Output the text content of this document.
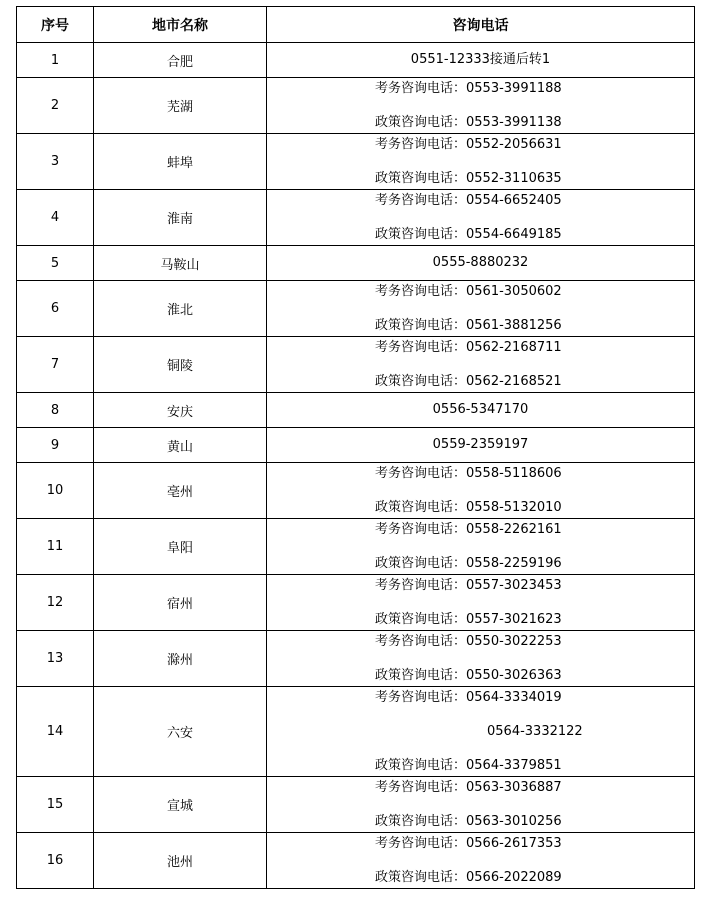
序号	地市名称	咨询电话
1	合肥	0551-12333接通后转1

2	芜湖	考务咨询电话：0553-3991188
政策咨询电话：0553-3991138

3	蚌埠	考务咨询电话：0552-2056631
政策咨询电话：0552-3110635

4	淮南	考务咨询电话：0554-6652405
政策咨询电话：0554-6649185

5	马鞍山	0555-8880232

6	淮北	考务咨询电话：0561-3050602
政策咨询电话：0561-3881256

7	铜陵	考务咨询电话：0562-2168711
政策咨询电话：0562-2168521

8	安庆	0556-5347170

9	黄山	0559-2359197

10	亳州	考务咨询电话：0558-5118606
政策咨询电话：0558-5132010

11	阜阳	考务咨询电话：0558-2262161
政策咨询电话：0558-2259196

12	宿州	考务咨询电话：0557-3023453
政策咨询电话：0557-3021623

13	滁州	考务咨询电话：0550-3022253
政策咨询电话：0550-3026363

14	六安	考务咨询电话：0564-3334019
0564-3332122
政策咨询电话：0564-3379851

15	宣城	考务咨询电话：0563-3036887
政策咨询电话：0563-3010256

16	池州	考务咨询电话：0566-2617353
政策咨询电话：0566-2022089
